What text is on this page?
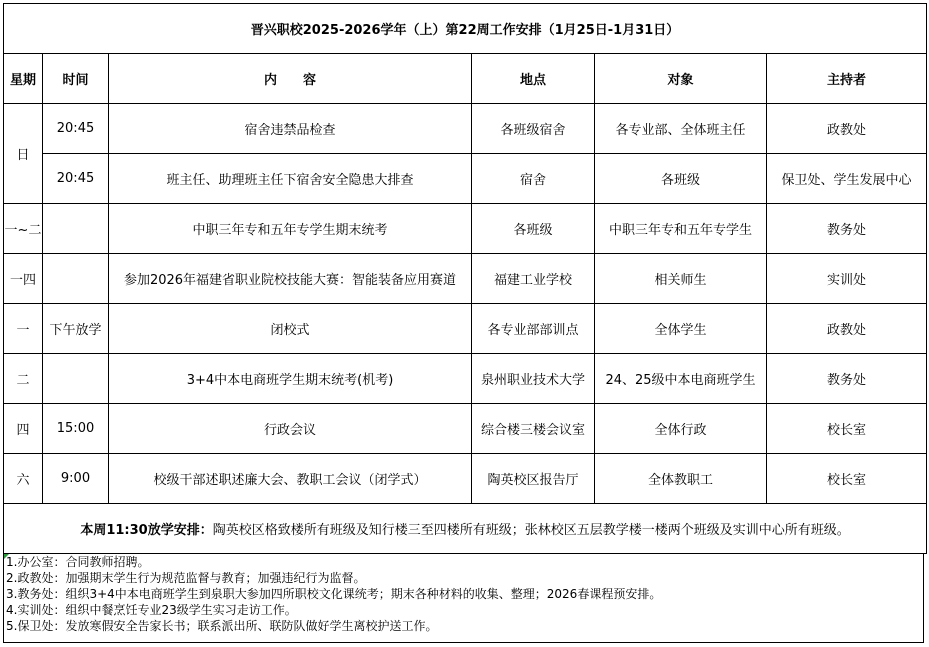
晋兴职校2025-2026学年（上）第22周工作安排（1月25日-1月31日）					
星期	时间	内　　容	地点	对象	主持者
日	20:45	宿舍违禁品检查	各班级宿舍	各专业部、全体班主任	政教处
	20:45	班主任、助理班主任下宿舍安全隐患大排查	宿舍	各班级	保卫处、学生发展中心
一~二		中职三年专和五年专学生期末统考	各班级	中职三年专和五年专学生	教务处
一四		参加2026年福建省职业院校技能大赛：智能装备应用赛道	福建工业学校	相关师生	实训处
一	下午放学	闭校式	各专业部部训点	全体学生	政教处
二		3+4中本电商班学生期末统考(机考)	泉州职业技术大学	24、25级中本电商班学生	教务处
四	15:00	行政会议	综合楼三楼会议室	全体行政	校长室
六	9:00	校级干部述职述廉大会、教职工会议（闭学式）	陶英校区报告厅	全体教职工	校长室
本周11:30放学安排：陶英校区格致楼所有班级及知行楼三至四楼所有班级；张林校区五层教学楼一楼两个班级及实训中心所有班级。					
1.办公室：合同教师招聘。
2.政教处：加强期末学生行为规范监督与教育；加强违纪行为监督。
3.教务处：组织3+4中本电商班学生到泉职大参加四所职校文化课统考；期末各种材料的收集、整理；2026春课程预安排。
4.实训处：组织中餐烹饪专业23级学生实习走访工作。
5.保卫处：发放寒假安全告家长书；联系派出所、联防队做好学生离校护送工作。
